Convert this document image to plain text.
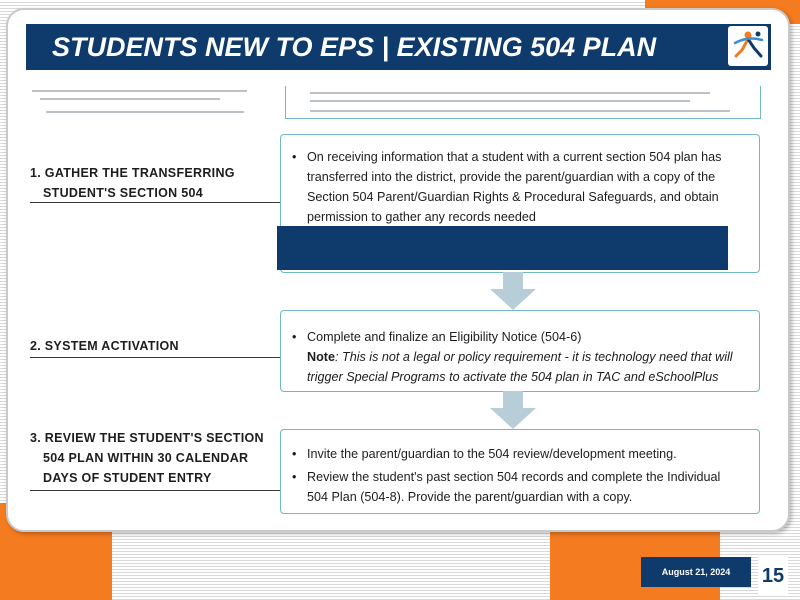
STUDENTS NEW TO EPS | EXISTING 504 PLAN
1. GATHER THE TRANSFERRING
STUDENT'S SECTION 504
• On receiving information that a student with a current section 504 plan has transferred into the district, provide the parent/guardian with a copy of the Section 504 Parent/Guardian Rights & Procedural Safeguards, and obtain permission to gather any records needed
2. SYSTEM ACTIVATION
• Complete and finalize an Eligibility Notice (504-6)
Note: This is not a legal or policy requirement - it is technology need that will trigger Special Programs to activate the 504 plan in TAC and eSchoolPlus
3. REVIEW THE STUDENT'S SECTION
504 PLAN WITHIN 30 CALENDAR
DAYS OF STUDENT ENTRY
• Invite the parent/guardian to the 504 review/development meeting.
• Review the student's past section 504 records and complete the Individual 504 Plan (504-8). Provide the parent/guardian with a copy.
August 21, 2024	15
